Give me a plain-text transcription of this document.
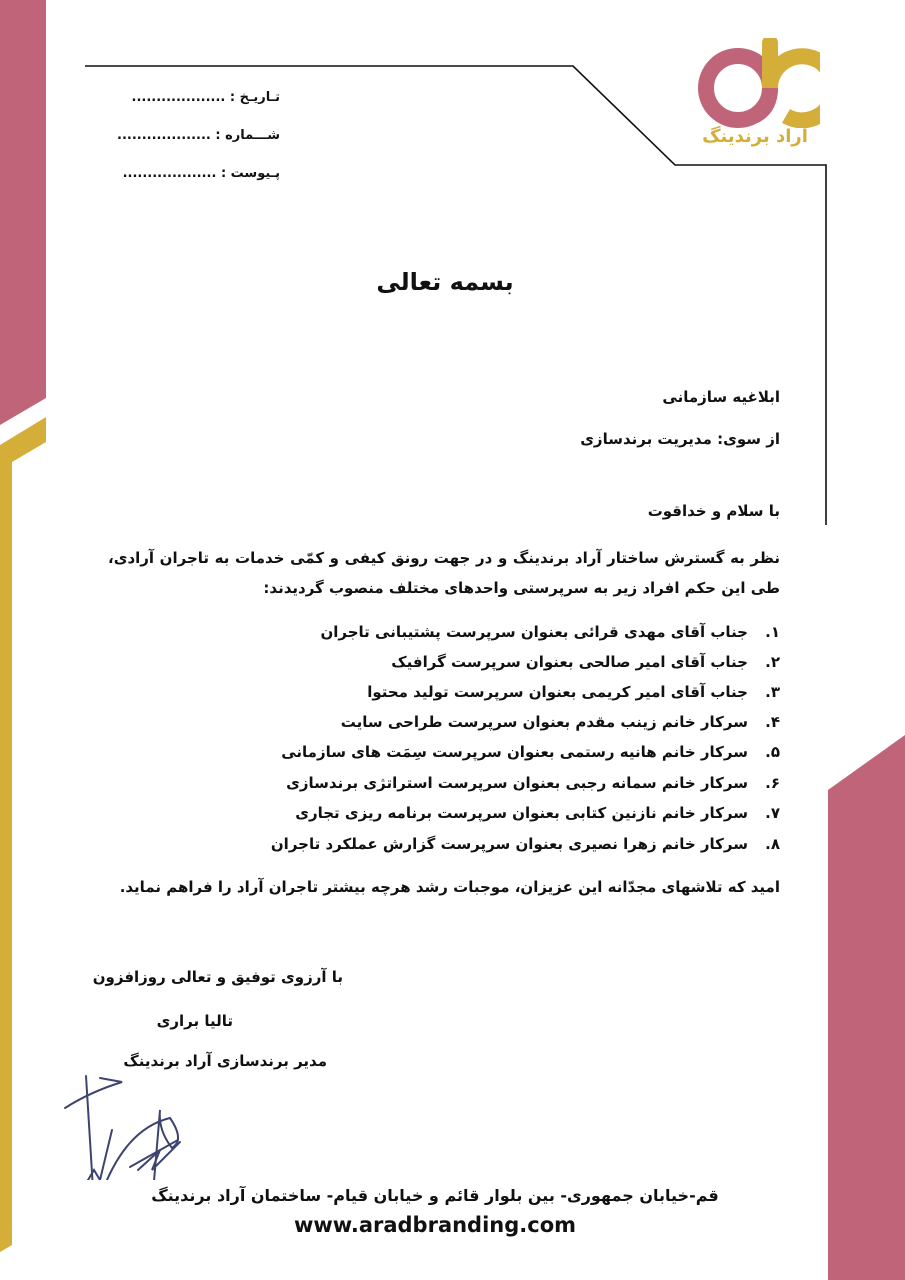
آراد برندینگ
تـاریـخ : ...................
شـــماره : ...................
پـیوست : ...................
بسمه تعالی
ابلاغیه سازمانی
از سوی: مدیریت برندسازی
با سلام و خداقوت
نظر به گسترش ساختار آراد برندینگ و در جهت رونق کیفی و کمّی خدمات به تاجران آرادی، طی این حکم افراد زیر به سرپرستی واحدهای مختلف منصوب گردیدند:
۱.جناب آقای مهدی قرائی بعنوان سرپرست پشتیبانی تاجران
۲.جناب آقای امیر صالحی بعنوان سرپرست گرافیک
۳.جناب آقای امیر کریمی بعنوان سرپرست تولید محتوا
۴.سرکار خانم زینب مقدم بعنوان سرپرست طراحی سایت
۵.سرکار خانم هانیه رستمی بعنوان سرپرست سِمَت های سازمانی
۶.سرکار خانم سمانه رجبی بعنوان سرپرست استراتژی برندسازی
۷.سرکار خانم نازنین کتابی بعنوان سرپرست برنامه ریزی تجاری
۸.سرکار خانم زهرا نصیری بعنوان سرپرست گزارش عملکرد تاجران
امید که تلاشهای مجدّانه این عزیزان، موجبات رشد هرچه بیشتر تاجران آراد را فراهم نماید.
با آرزوی توفیق و تعالی روزافزون
تالیا براری
مدیر برندسازی آراد برندینگ
قم-خیابان جمهوری- بین بلوار قائم و خیابان قیام- ساختمان آراد برندینگ
www.aradbranding.com
